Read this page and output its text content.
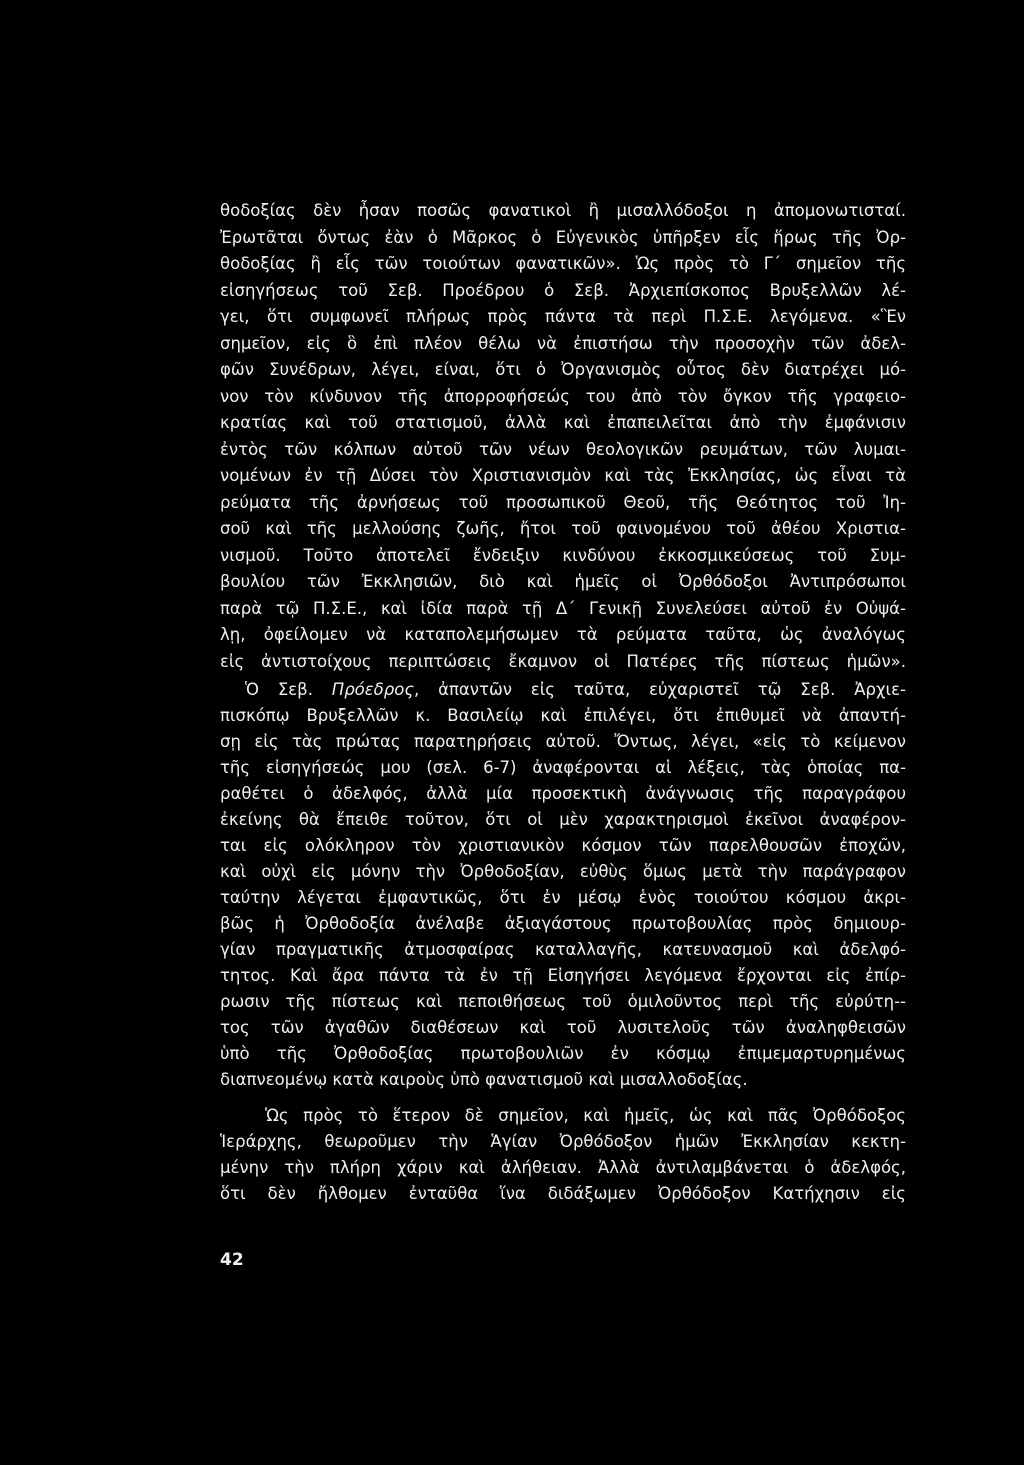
θοδοξίας δὲν ἦσαν ποσῶς φανατικοὶ ἢ μισαλλόδοξοι η ἀπομονωτισταί.
Ἐρωτᾶται ὄντως ἐὰν ὁ Μᾶρκος ὁ Εὐγενικὸς ὑπῆρξεν εἷς ἥρως τῆς Ὀρ-
θοδοξίας ἢ εἷς τῶν τοιούτων φανατικῶν». Ὡς πρὸς τὸ Γ΄ σημεῖον τῆς
εἰσηγήσεως τοῦ Σεβ. Προέδρου ὁ Σεβ. Ἀρχιεπίσκοπος Βρυξελλῶν λέ-
γει, ὅτι συμφωνεῖ πλήρως πρὸς πάντα τὰ περὶ Π.Σ.Ε. λεγόμενα. «Ἓν
σημεῖον, εἰς ὃ ἐπὶ πλέον θέλω νὰ ἐπιστήσω τὴν προσοχὴν τῶν ἀδελ-
φῶν Συνέδρων, λέγει, είναι, ὅτι ὁ Ὀργανισμὸς οὗτος δὲν διατρέχει μό-
νον τὸν κίνδυνον τῆς ἀπορροφήσεώς του ἀπὸ τὸν ὄγκον τῆς γραφειο-
κρατίας καὶ τοῦ στατισμοῦ, ἀλλὰ καὶ ἐπαπειλεῖται ἀπὸ τὴν ἐμφάνισιν
ἐντὸς τῶν κόλπων αὐτοῦ τῶν νέων θεολογικῶν ρευμάτων, τῶν λυμαι-
νομένων ἐν τῇ Δύσει τὸν Χριστιανισμὸν καὶ τὰς Ἐκκλησίας, ὡς εἶναι τὰ
ρεύματα τῆς ἀρνήσεως τοῦ προσωπικοῦ Θεοῦ, τῆς Θεότητος τοῦ Ἰη-
σοῦ καὶ τῆς μελλούσης ζωῆς, ἤτοι τοῦ φαινομένου τοῦ ἀθέου Χριστια-
νισμοῦ. Τοῦτο ἀποτελεῖ ἔνδειξιν κινδύνου ἐκκοσμικεύσεως τοῦ Συμ-
βουλίου τῶν Ἐκκλησιῶν, διὸ καὶ ἡμεῖς οἱ Ὀρθόδοξοι Ἀντιπρόσωποι
παρὰ τῷ Π.Σ.Ε., καὶ ἰδία παρὰ τῇ Δ΄ Γενικῇ Συνελεύσει αὐτοῦ ἐν Οὐψά-
λῃ, ὀφείλομεν νὰ καταπολεμήσωμεν τὰ ρεύματα ταῦτα, ὡς ἀναλόγως
εἰς ἀντιστοίχους περιπτώσεις ἔκαμνον οἱ Πατέρες τῆς πίστεως ἡμῶν».
Ὁ Σεβ. Πρόεδρος, ἀπαντῶν εἰς ταῦτα, εὐχαριστεῖ τῷ Σεβ. Ἀρχιε-
πισκόπῳ Βρυξελλῶν κ. Βασιλείῳ καὶ ἐπιλέγει, ὅτι ἐπιθυμεῖ νὰ ἀπαντή-
σῃ εἰς τὰς πρώτας παρατηρήσεις αὐτοῦ. Ὄντως, λέγει, «εἰς τὸ κείμενον
τῆς εἰσηγήσεώς μου (σελ. 6-7) ἀναφέρονται αἱ λέξεις, τὰς ὁποίας πα-
ραθέτει ὁ ἀδελφός, ἀλλὰ μία προσεκτικὴ ἀνάγνωσις τῆς παραγράφου
ἐκείνης θὰ ἔπειθε τοῦτον, ὅτι οἱ μὲν χαρακτηρισμοὶ ἐκεῖνοι ἀναφέρον-
ται εἰς ολόκληρον τὸν χριστιανικὸν κόσμον τῶν παρελθουσῶν ἐποχῶν,
καὶ οὐχὶ εἰς μόνην τὴν Ὀρθοδοξίαν, εὐθὺς ὅμως μετὰ τὴν παράγραφον
ταύτην λέγεται ἐμφαντικῶς, ὅτι ἐν μέσῳ ἑνὸς τοιούτου κόσμου ἀκρι-
βῶς ἡ Ὀρθοδοξία ἀνέλαβε ἀξιαγάστους πρωτοβουλίας πρὸς δημιουρ-
γίαν πραγματικῆς ἀτμοσφαίρας καταλλαγῆς, κατευνασμοῦ καὶ ἀδελφό-
τητος. Καὶ ἄρα πάντα τὰ ἐν τῇ Εἰσηγήσει λεγόμενα ἔρχονται εἰς ἐπίρ-
ρωσιν τῆς πίστεως καὶ πεποιθήσεως τοῦ ὁμιλοῦντος περὶ τῆς εὐρύτη--
τος τῶν ἀγαθῶν διαθέσεων καὶ τοῦ λυσιτελοῦς τῶν ἀναληφθεισῶν
ὑπὸ τῆς Ὀρθοδοξίας πρωτοβουλιῶν ἐν κόσμῳ ἐπιμεμαρτυρημένως
διαπνεομένῳ κατὰ καιροὺς ὑπὸ φανατισμοῦ καὶ μισαλλοδοξίας.
Ὡς πρὸς τὸ ἕτερον δὲ σημεῖον, καὶ ἡμεῖς, ὡς καὶ πᾶς Ὀρθόδοξος
Ἱεράρχης, θεωροῦμεν τὴν Ἁγίαν Ὀρθόδοξον ἡμῶν Ἐκκλησίαν κεκτη-
μένην τὴν πλήρη χάριν καὶ ἀλήθειαν. Ἀλλὰ ἀντιλαμβάνεται ὁ ἀδελφός,
ὅτι δὲν ἤλθομεν ἐνταῦθα ἵνα διδάξωμεν Ὀρθόδοξον Κατήχησιν εἰς
42
